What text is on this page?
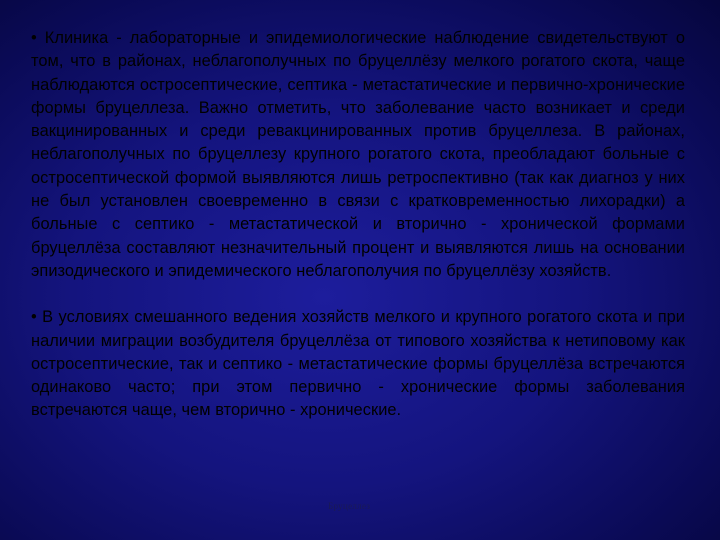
• Клиника - лабораторные и эпидемиологические наблюдение свидетельствуют о том, что в районах, неблагополучных по бруцеллёзу мелкого рогатого скота, чаще наблюдаются остросептические, септика - метастатические и первично-хронические формы бруцеллеза. Важно отметить, что заболевание часто возникает и среди вакцинированных и среди ревакцинированных против бруцеллеза. В районах, неблагополучных по бруцеллезу крупного рогатого скота, преобладают больные с остросептической формой выявляются лишь ретроспективно (так как диагноз у них не был установлен своевременно в связи с кратковременностью лихорадки) а больные с септико - метастатической и вторично - хронической формами бруцеллёза составляют незначительный процент и выявляются лишь на основании эпизодического и эпидемического неблагополучия по бруцеллёзу хозяйств.

• В условиях смешанного ведения хозяйств мелкого и крупного рогатого скота и при наличии миграции возбудителя бруцеллёза от типового хозяйства к нетиповому как остросептические, так и септико - метастатические формы бруцеллёза встречаются одинаково часто; при этом первично - хронические формы заболевания встречаются чаще, чем вторично - хронические.

Бруцеллез
